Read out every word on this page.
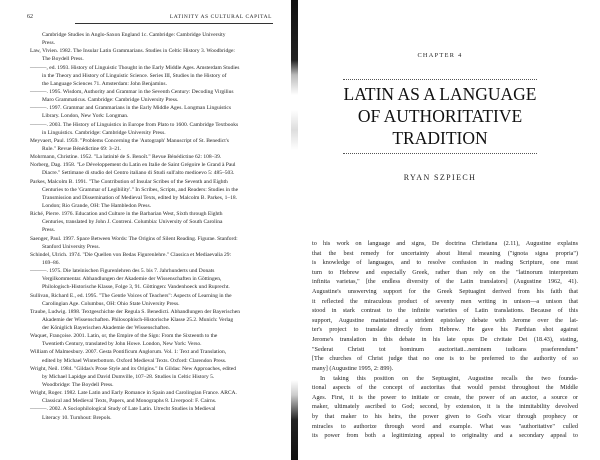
62	LATINITY AS CULTURAL CAPITAL
Cambridge Studies in Anglo-Saxon England 1c. Cambridge: Cambridge University
Press.
Law, Vivien. 1982. The Insular Latin Grammarians. Studies in Celtic History 3. Woodbridge:
The Boydell Press.
———, ed. 1993. History of Linguistic Thought in the Early Middle Ages. Amsterdam Studies
in the Theory and History of Linguistic Science. Series III, Studies in the History of
the Language Sciences 71. Amsterdam: John Benjamins.
———. 1995. Wisdom, Authority and Grammar in the Seventh Century: Decoding Virgilius
Maro Grammaticus. Cambridge: Cambridge University Press.
———. 1997. Grammar and Grammarians in the Early Middle Ages. Longman Linguistics
Library. London, New York: Longman.
———. 2003. The History of Linguistics in Europe from Plato to 1600. Cambridge Textbooks
in Linguistics. Cambridge: Cambridge University Press.
Meyvaert, Paul. 1959. "Problems Concerning the 'Autograph' Manuscript of St. Benedict's
Rule." Revue Bénédictine 69: 3–21.
Mohrmann, Christine. 1952. "La latinité de S. Benoît." Revue Bénédictine 62: 108–39.
Norberg, Dag. 1958. "Le Développement du Latin en Italie de Saint Grégoire le Grand à Paul
Diacre." Settimane di studio del Centro italiano di Studi sull'alto medioevo 5: 485–503.
Parkes, Malcolm B. 1991. "The Contribution of Insular Scribes of the Seventh and Eighth
Centuries to the 'Grammar of Legibility'." In Scribes, Scripts, and Readers: Studies in the
Transmission and Dissemination of Medieval Texts, edited by Malcolm B. Parkes, 1–18.
London; Rio Grande, OH: The Hambledon Press.
Riché, Pierre. 1976. Education and Culture in the Barbarian West, Sixth through Eighth
Centuries, translated by John J. Contreni. Columbia: University of South Carolina
Press.
Saenger, Paul. 1997. Space Between Words: The Origins of Silent Reading. Figurae. Stanford:
Stanford University Press.
Schindel, Ulrich. 1974. "Die Quellen von Bedas Figurenlehre." Classica et Mediaevalia 29:
169–86.
———. 1975. Die lateinischen Figurenlehren des 5. bis 7. Jahrhunderts und Donats
Vergilkommentar. Abhandlungen der Akademie der Wissenschaften in Göttingen,
Philologisch-Historische Klasse, Folge 3, 91. Göttingen: Vandenhoeck und Ruprecht.
Sullivan, Richard E., ed. 1995. "The Gentle Voices of Teachers": Aspects of Learning in the
Carolingian Age. Columbus, OH: Ohio State University Press.
Traube, Ludwig. 1898. Textgeschichte der Regula S. Benedicti. Abhandlungen der Bayerischen
Akademie der Wissenschaften. Philosophisch-Historische Klasse 25.2. Munich: Verlag
der Königlich Bayerischen Akademie der Wissenschaften.
Waquet, Françoise. 2001. Latin, or, the Empire of the Sign: From the Sixteenth to the
Twentieth Century, translated by John Howe. London, New York: Verso.
William of Malmesbury. 2007. Gesta Pontificum Anglorum. Vol. 1: Text and Translation,
edited by Michael Winterbottom. Oxford Medieval Texts. Oxford: Clarendon Press.
Wright, Neil. 1984. "Gildas's Prose Style and its Origins." In Gildas: New Approaches, edited
by Michael Lapidge and David Dumville, 107–28. Studies in Celtic History 5.
Woodbridge: The Boydell Press.
Wright, Roger. 1982. Late Latin and Early Romance in Spain and Carolingian France. ARCA.
Classical and Medieval Texts, Papers, and Monographs 8. Liverpool: F. Cairns.
———. 2002. A Sociophilological Study of Late Latin. Utrecht Studies in Medieval
Literacy 10. Turnhout: Brepols.
CHAPTER 4
LATIN AS A LANGUAGE
OF AUTHORITATIVE
TRADITION
RYAN SZPIECH
to his work on language and signs, De doctrina Christiana (2.11), Augustine explains
that the best remedy for uncertainty about literal meaning ("ignota signa propria")
is knowledge of languages, and to resolve confusion in reading Scripture, one must
turn to Hebrew and especially Greek, rather than rely on the "latinorum interpretum
infinita varietas," [the endless diversity of the Latin translators] (Augustine 1962, 41).
Augustine's unswerving support for the Greek Septuagint derived from his faith that
it reflected the miraculous product of seventy men writing in unison—a unison that
stood in stark contrast to the infinite varieties of Latin translations. Because of this
support, Augustine maintained a strident epistolary debate with Jerome over the lat-
ter's project to translate directly from Hebrew. He gave his Parthian shot against
Jerome's translation in this debate in his late opus De civitate Dei (18.43), stating,
"Sederat Christi tot hominum auctoritati...neminem iudicans praeferendum"
[The churches of Christ judge that no one is to be preferred to the authority of so
many] (Augustine 1995, 2: 899).
In taking this position on the Septuagint, Augustine recalls the two founda-
tional aspects of the concept of auctoritas that would persist throughout the Middle
Ages. First, it is the power to initiate or create, the power of an auctor, a source or
maker, ultimately ascribed to God; second, by extension, it is the inimitability devolved
by that maker to his heirs, the power given to God's vicar through prophecy or
miracles to authorize through word and example. What was "authoritative" culled
its power from both a legitimizing appeal to originality and a secondary appeal to
